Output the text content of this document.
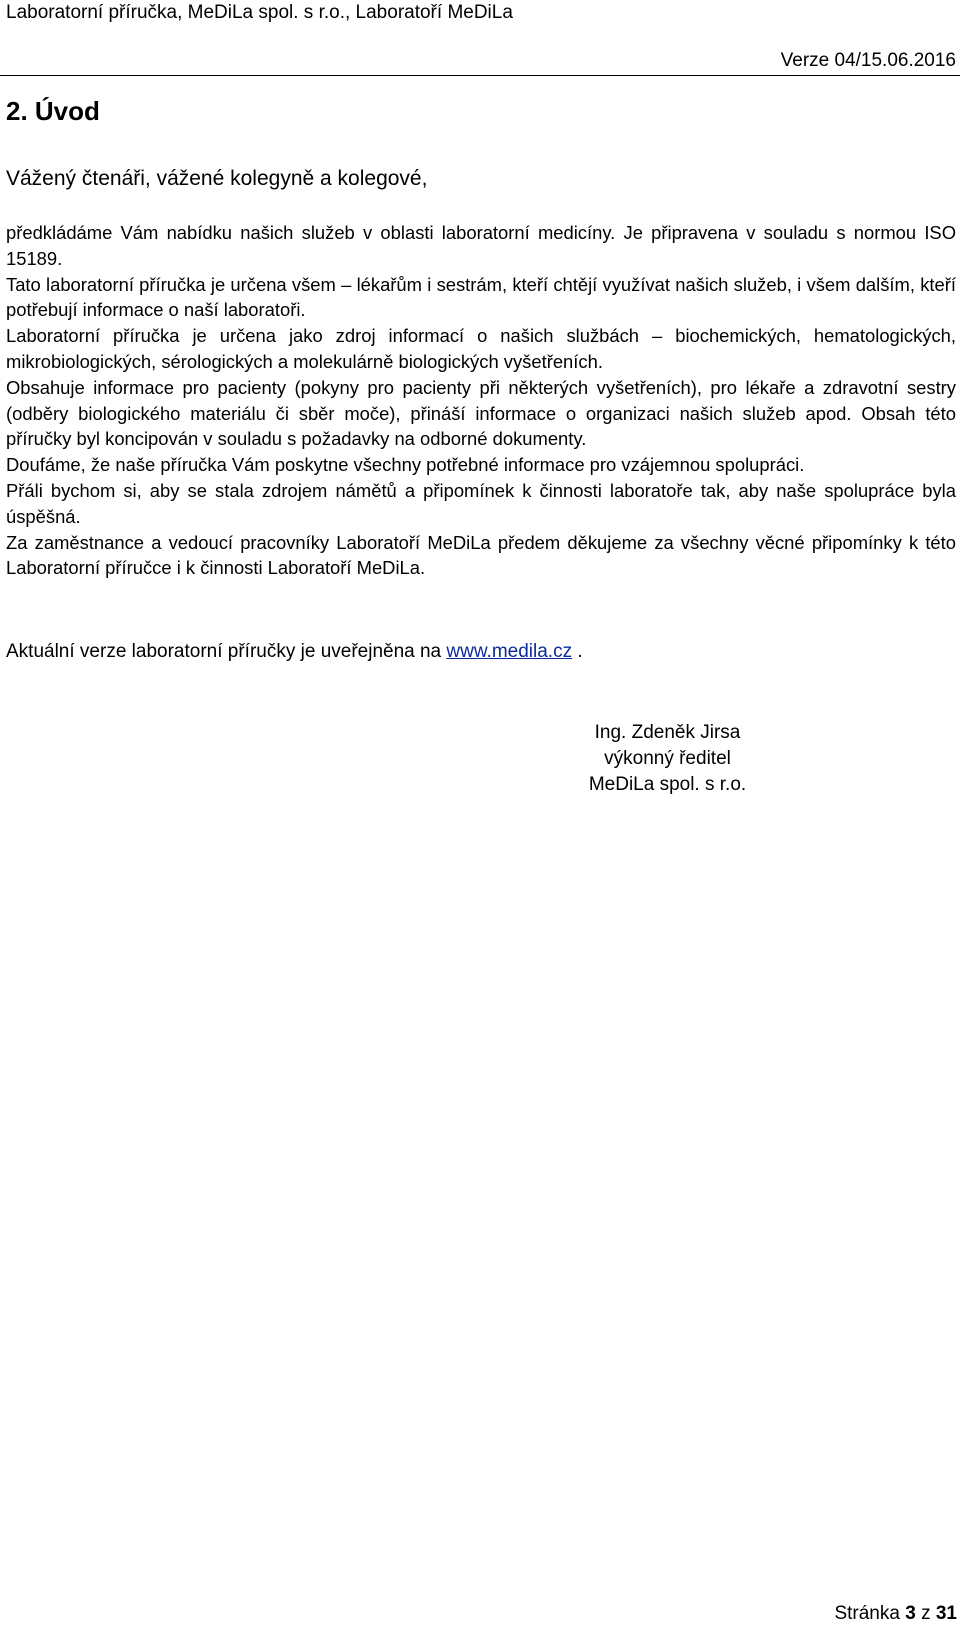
Laboratorní příručka, MeDiLa spol. s r.o., Laboratoří MeDiLa
Verze 04/15.06.2016
2. Úvod

Vážený čtenáři, vážené kolegyně a kolegové,

předkládáme Vám nabídku našich služeb v oblasti laboratorní medicíny. Je připravena v souladu s normou ISO 15189.

Tato laboratorní příručka je určena všem – lékařům i sestrám, kteří chtějí využívat našich služeb, i všem dalším, kteří potřebují informace o naší laboratoři.

Laboratorní příručka je určena jako zdroj informací o našich službách – biochemických, hematologických, mikrobiologických, sérologických a molekulárně biologických vyšetřeních.

Obsahuje informace pro pacienty (pokyny pro pacienty při některých vyšetřeních), pro lékaře a zdravotní sestry (odběry biologického materiálu či sběr moče), přináší informace o organizaci našich služeb apod. Obsah této příručky byl koncipován v souladu s požadavky na odborné dokumenty.

Doufáme, že naše příručka Vám poskytne všechny potřebné informace pro vzájemnou spolupráci.

Přáli bychom si, aby se stala zdrojem námětů a připomínek k činnosti laboratoře tak, aby naše spolupráce byla úspěšná.

Za zaměstnance a vedoucí pracovníky Laboratoří MeDiLa předem děkujeme za všechny věcné připomínky k této Laboratorní příručce i k činnosti Laboratoří MeDiLa.

Aktuální verze laboratorní příručky je uveřejněna na www.medila.cz .
Ing. Zdeněk Jirsa
výkonný ředitel
MeDiLa spol. s r.o.
Stránka 3 z 31
